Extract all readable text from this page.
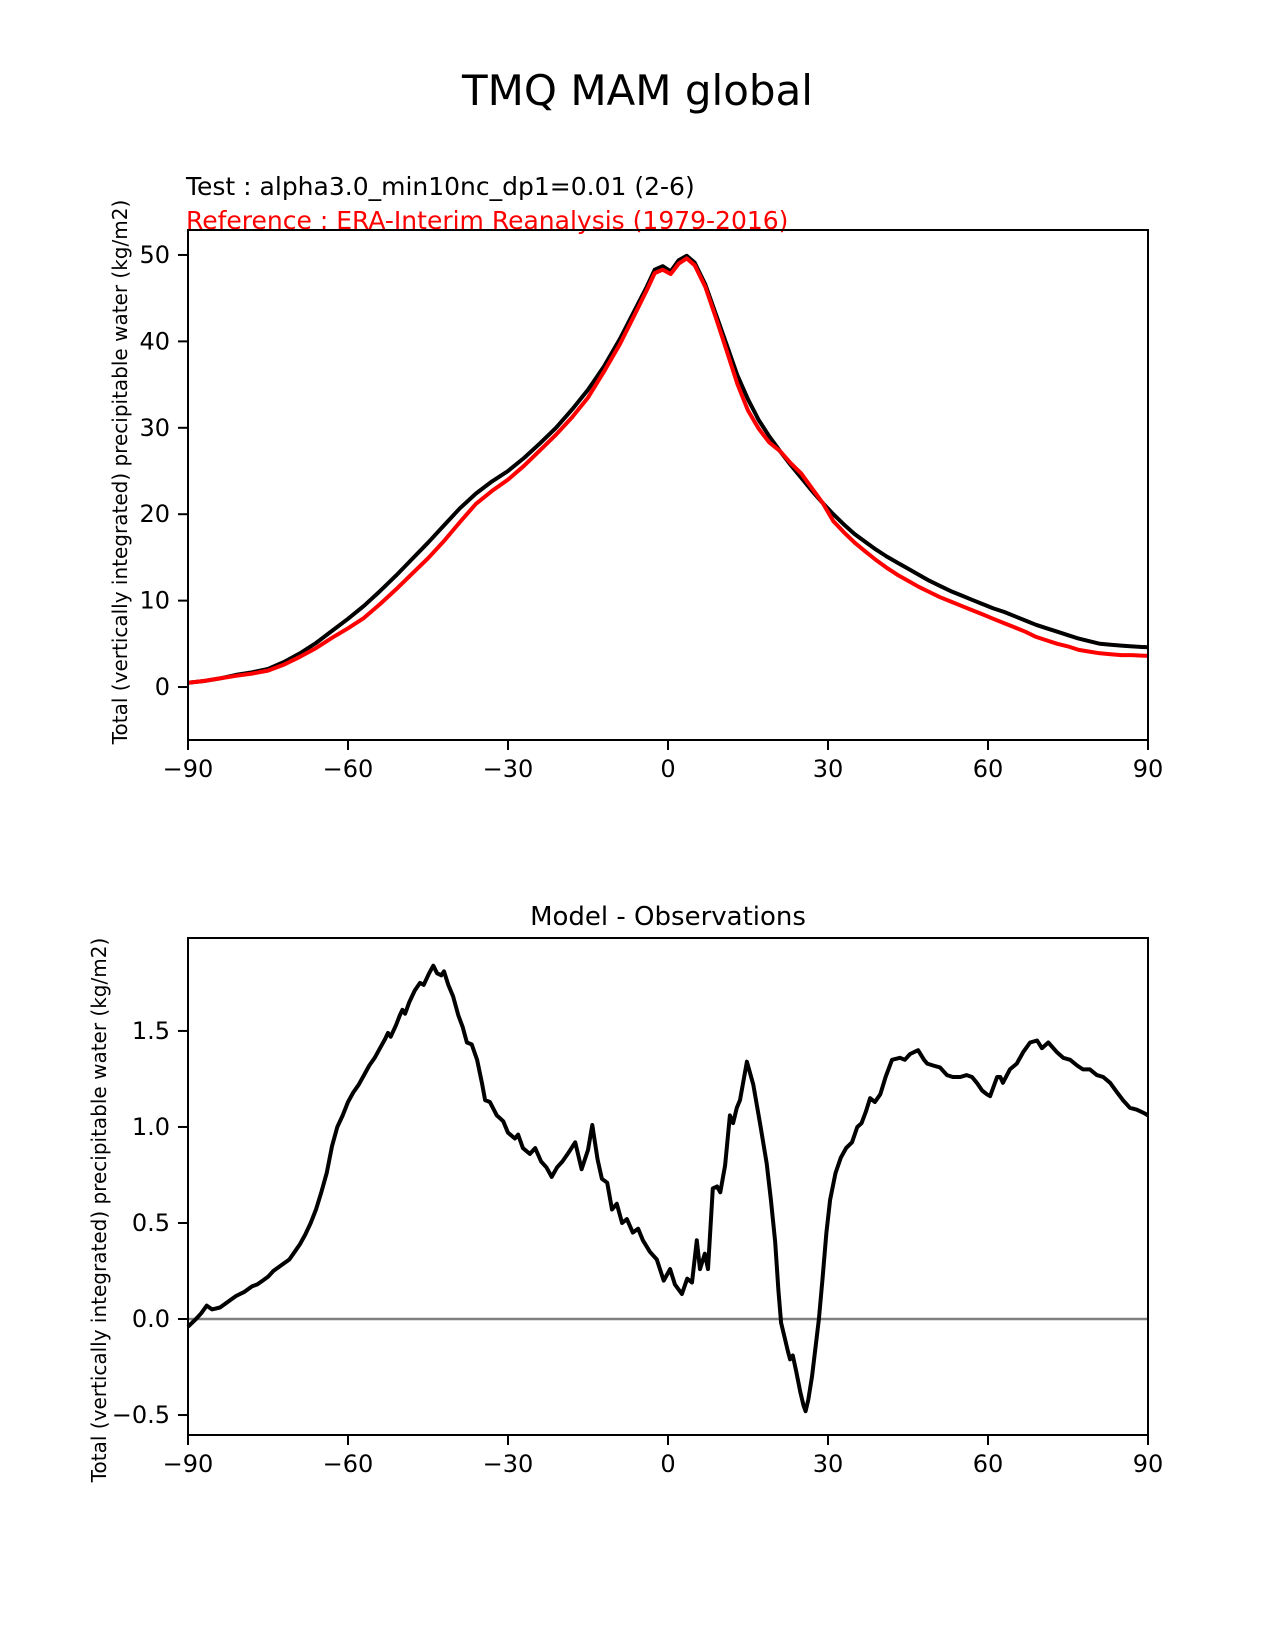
TMQ MAM global
Test : alpha3.0_min10nc_dp1=0.01 (2-6)
Reference : ERA-Interim Reanalysis (1979-2016)
Total (vertically integrated) precipitable water (kg/m2)
Model - Observations
Total (vertically integrated) precipitable water (kg/m2)
−90	−60	−30	0	30	60	90
0
10
20
30
40
50
−90	−60	−30	0	30	60	90
−0.5
0.0
0.5
1.0
1.5
